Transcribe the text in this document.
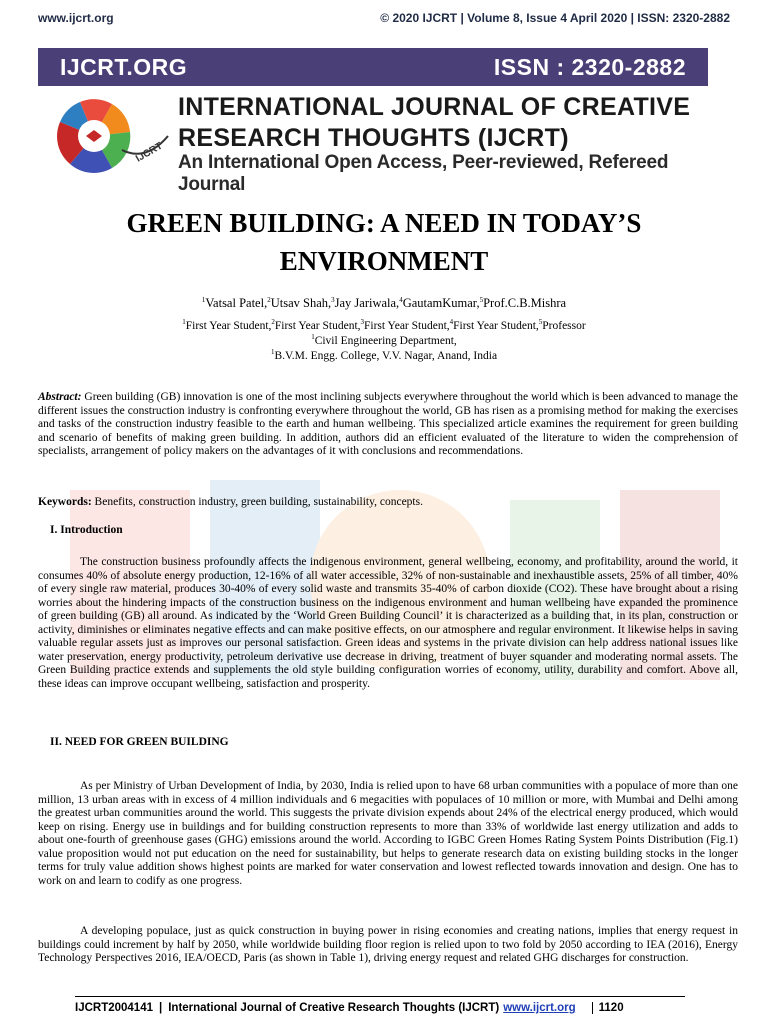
www.ijcrt.org	© 2020 IJCRT | Volume 8, Issue 4 April 2020 | ISSN: 2320-2882
IJCRT.ORG	ISSN : 2320-2882
IJCRT
INTERNATIONAL JOURNAL OF CREATIVE
RESEARCH THOUGHTS (IJCRT)
An International Open Access, Peer-reviewed, Refereed Journal
GREEN BUILDING: A NEED IN TODAY’S
ENVIRONMENT
$^1$Vatsal Patel,$^2$Utsav Shah,$^3$Jay Jariwala,$^4$GautamKumar,$^5$Prof.C.B.Mishra
$^1$First Year Student,$^2$First Year Student,$^3$First Year Student,$^4$First Year Student,$^5$Professor
$^1$Civil Engineering Department,
$^1$B.V.M. Engg. College, V.V. Nagar, Anand, India
Abstract: Green building (GB) innovation is one of the most inclining subjects everywhere throughout the world which is been advanced to manage the different issues the construction industry is confronting everywhere throughout the world, GB has risen as a promising method for making the exercises and tasks of the construction industry feasible to the earth and human wellbeing. This specialized article examines the requirement for green building and scenario of benefits of making green building. In addition, authors did an efficient evaluated of the literature to widen the comprehension of specialists, arrangement of policy makers on the advantages of it with conclusions and recommendations.
Keywords: Benefits, construction industry, green building, sustainability, concepts.
I. Introduction
The construction business profoundly affects the indigenous environment, general wellbeing, economy, and profitability, around the world, it consumes 40% of absolute energy production, 12-16% of all water accessible, 32% of non-sustainable and inexhaustible assets, 25% of all timber, 40% of every single raw material, produces 30-40% of every solid waste and transmits 35-40% of carbon dioxide (CO2). These have brought about a rising worries about the hindering impacts of the construction business on the indigenous environment and human wellbeing have expanded the prominence of green building (GB) all around. As indicated by the ‘World Green Building Council’ it is characterized as a building that, in its plan, construction or activity, diminishes or eliminates negative effects and can make positive effects, on our atmosphere and regular environment. It likewise helps in saving valuable regular assets just as improves our personal satisfaction. Green ideas and systems in the private division can help address national issues like water preservation, energy productivity, petroleum derivative use decrease in driving, treatment of buyer squander and moderating normal assets. The Green Building practice extends and supplements the old style building configuration worries of economy, utility, durability and comfort. Above all, these ideas can improve occupant wellbeing, satisfaction and prosperity.
II. NEED FOR GREEN BUILDING
As per Ministry of Urban Development of India, by 2030, India is relied upon to have 68 urban communities with a populace of more than one million, 13 urban areas with in excess of 4 million individuals and 6 megacities with populaces of 10 million or more, with Mumbai and Delhi among the greatest urban communities around the world. This suggests the private division expends about 24% of the electrical energy produced, which would keep on rising. Energy use in buildings and for building construction represents to more than 33% of worldwide last energy utilization and adds to about one-fourth of greenhouse gases (GHG) emissions around the world. According to IGBC Green Homes Rating System Points Distribution (Fig.1) value proposition would not put education on the need for sustainability, but helps to generate research data on existing building stocks in the longer terms for truly value addition shows highest points are marked for water conservation and lowest reflected towards innovation and design. One has to work on and learn to codify as one progress.
A developing populace, just as quick construction in buying power in rising economies and creating nations, implies that energy request in buildings could increment by half by 2050, while worldwide building floor region is relied upon to two fold by 2050 according to IEA (2016), Energy Technology Perspectives 2016, IEA/OECD, Paris (as shown in Table 1), driving energy request and related GHG discharges for construction.
IJCRT2004141 | International Journal of Creative Research Thoughts (IJCRT) www.ijcrt.org	1120
